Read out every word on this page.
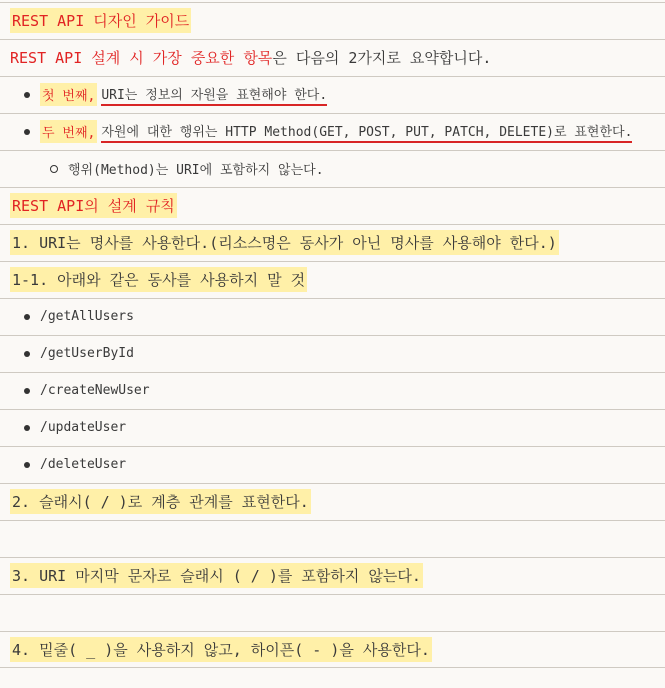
REST API 디자인 가이드
REST API 설계 시 가장 중요한 항목 은 다음의 2가지로 요약합니다.
첫 번째, URI는 정보의 자원을 표현해야 한다.
두 번째, 자원에 대한 행위는 HTTP Method(GET, POST, PUT, PATCH, DELETE)로 표현한다.
행위(Method)는 URI에 포함하지 않는다.
REST API의 설계 규칙
1. URI는 명사를 사용한다.(리소스명은 동사가 아닌 명사를 사용해야 한다.)
1-1. 아래와 같은 동사를 사용하지 말 것
/getAllUsers
/getUserById
/createNewUser
/updateUser
/deleteUser
2. 슬래시( / )로 계층 관계를 표현한다.
3. URI 마지막 문자로 슬래시 ( / )를 포함하지 않는다.
4. 밑줄( _ )을 사용하지 않고, 하이픈( - )을 사용한다.
